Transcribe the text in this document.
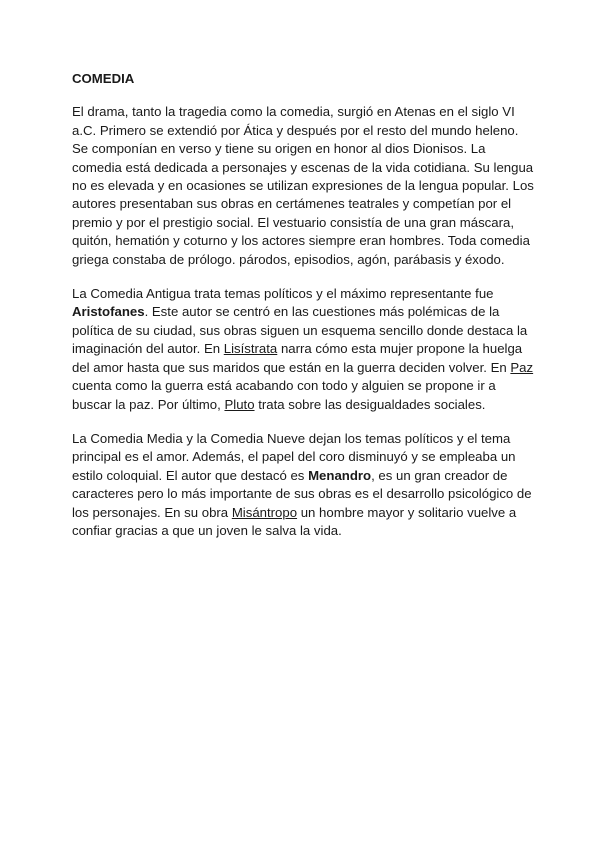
COMEDIA

El drama, tanto la tragedia como la comedia, surgió en Atenas en el siglo VI a.C. Primero se extendió por Ática y después por el resto del mundo heleno. Se componían en verso y tiene su origen en honor al dios Dionisos. La comedia está dedicada a personajes y escenas de la vida cotidiana. Su lengua no es elevada y en ocasiones se utilizan expresiones de la lengua popular. Los autores presentaban sus obras en certámenes teatrales y competían por el premio y por el prestigio social. El vestuario consistía de una gran máscara, quitón, hematión y coturno y los actores siempre eran hombres. Toda comedia griega constaba de prólogo. párodos, episodios, agón, parábasis y éxodo.

La Comedia Antigua trata temas políticos y el máximo representante fue Aristofanes. Este autor se centró en las cuestiones más polémicas de la política de su ciudad, sus obras siguen un esquema sencillo donde destaca la imaginación del autor. En Lisístrata narra cómo esta mujer propone la huelga del amor hasta que sus maridos que están en la guerra deciden volver. En Paz cuenta como la guerra está acabando con todo y alguien se propone ir a buscar la paz. Por último, Pluto trata sobre las desigualdades sociales.

La Comedia Media y la Comedia Nueve dejan los temas políticos y el tema principal es el amor. Además, el papel del coro disminuyó y se empleaba un estilo coloquial. El autor que destacó es Menandro, es un gran creador de caracteres pero lo más importante de sus obras es el desarrollo psicológico de los personajes. En su obra Misántropo un hombre mayor y solitario vuelve a confiar gracias a que un joven le salva la vida.
